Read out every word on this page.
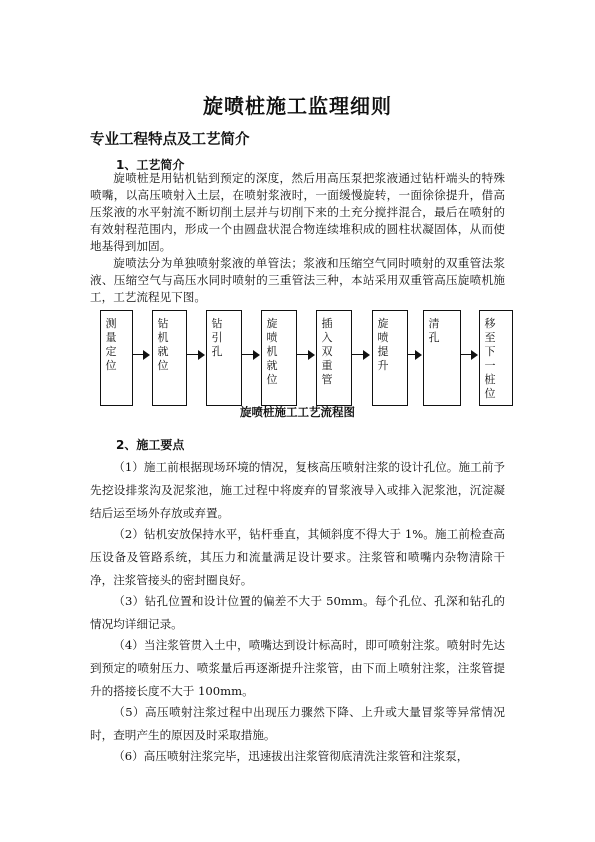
旋喷桩施工监理细则
专业工程特点及工艺简介
1、工艺简介

旋喷桩是用钻机钻到预定的深度，然后用高压泵把浆液通过钻杆端头的特殊喷嘴，以高压喷射入土层，在喷射浆液时，一面缓慢旋转，一面徐徐提升，借高压浆液的水平射流不断切削土层并与切削下来的土充分搅拌混合，最后在喷射的有效射程范围内，形成一个由圆盘状混合物连续堆积成的圆柱状凝固体，从而使地基得到加固。

旋喷法分为单独喷射浆液的单管法；浆液和压缩空气同时喷射的双重管法浆液、压缩空气与高压水同时喷射的三重管法三种，本站采用双重管高压旋喷机施工，工艺流程见下图。

测量定位
钻机就位
钻引孔
旋喷机就位
插入双重管
旋喷提升
清孔
移至下一桩位
旋喷桩施工工艺流程图
2、施工要点

（1）施工前根据现场环境的情况，复核高压喷射注浆的设计孔位。施工前予先挖设排浆沟及泥浆池，施工过程中将废弃的冒浆液导入或排入泥浆池，沉淀凝结后运至场外存放或弃置。

（2）钻机安放保持水平，钻杆垂直，其倾斜度不得大于 1%。施工前检查高压设备及管路系统，其压力和流量满足设计要求。注浆管和喷嘴内杂物清除干净，注浆管接头的密封圈良好。

（3）钻孔位置和设计位置的偏差不大于 50mm。每个孔位、孔深和钻孔的情况均详细记录。

（4）当注浆管贯入土中，喷嘴达到设计标高时，即可喷射注浆。喷射时先达到预定的喷射压力、喷浆量后再逐渐提升注浆管，由下而上喷射注浆，注浆管提升的搭接长度不大于 100mm。

（5）高压喷射注浆过程中出现压力骤然下降、上升或大量冒浆等异常情况时，查明产生的原因及时采取措施。

（6）高压喷射注浆完毕，迅速拔出注浆管彻底清洗注浆管和注浆泵，
